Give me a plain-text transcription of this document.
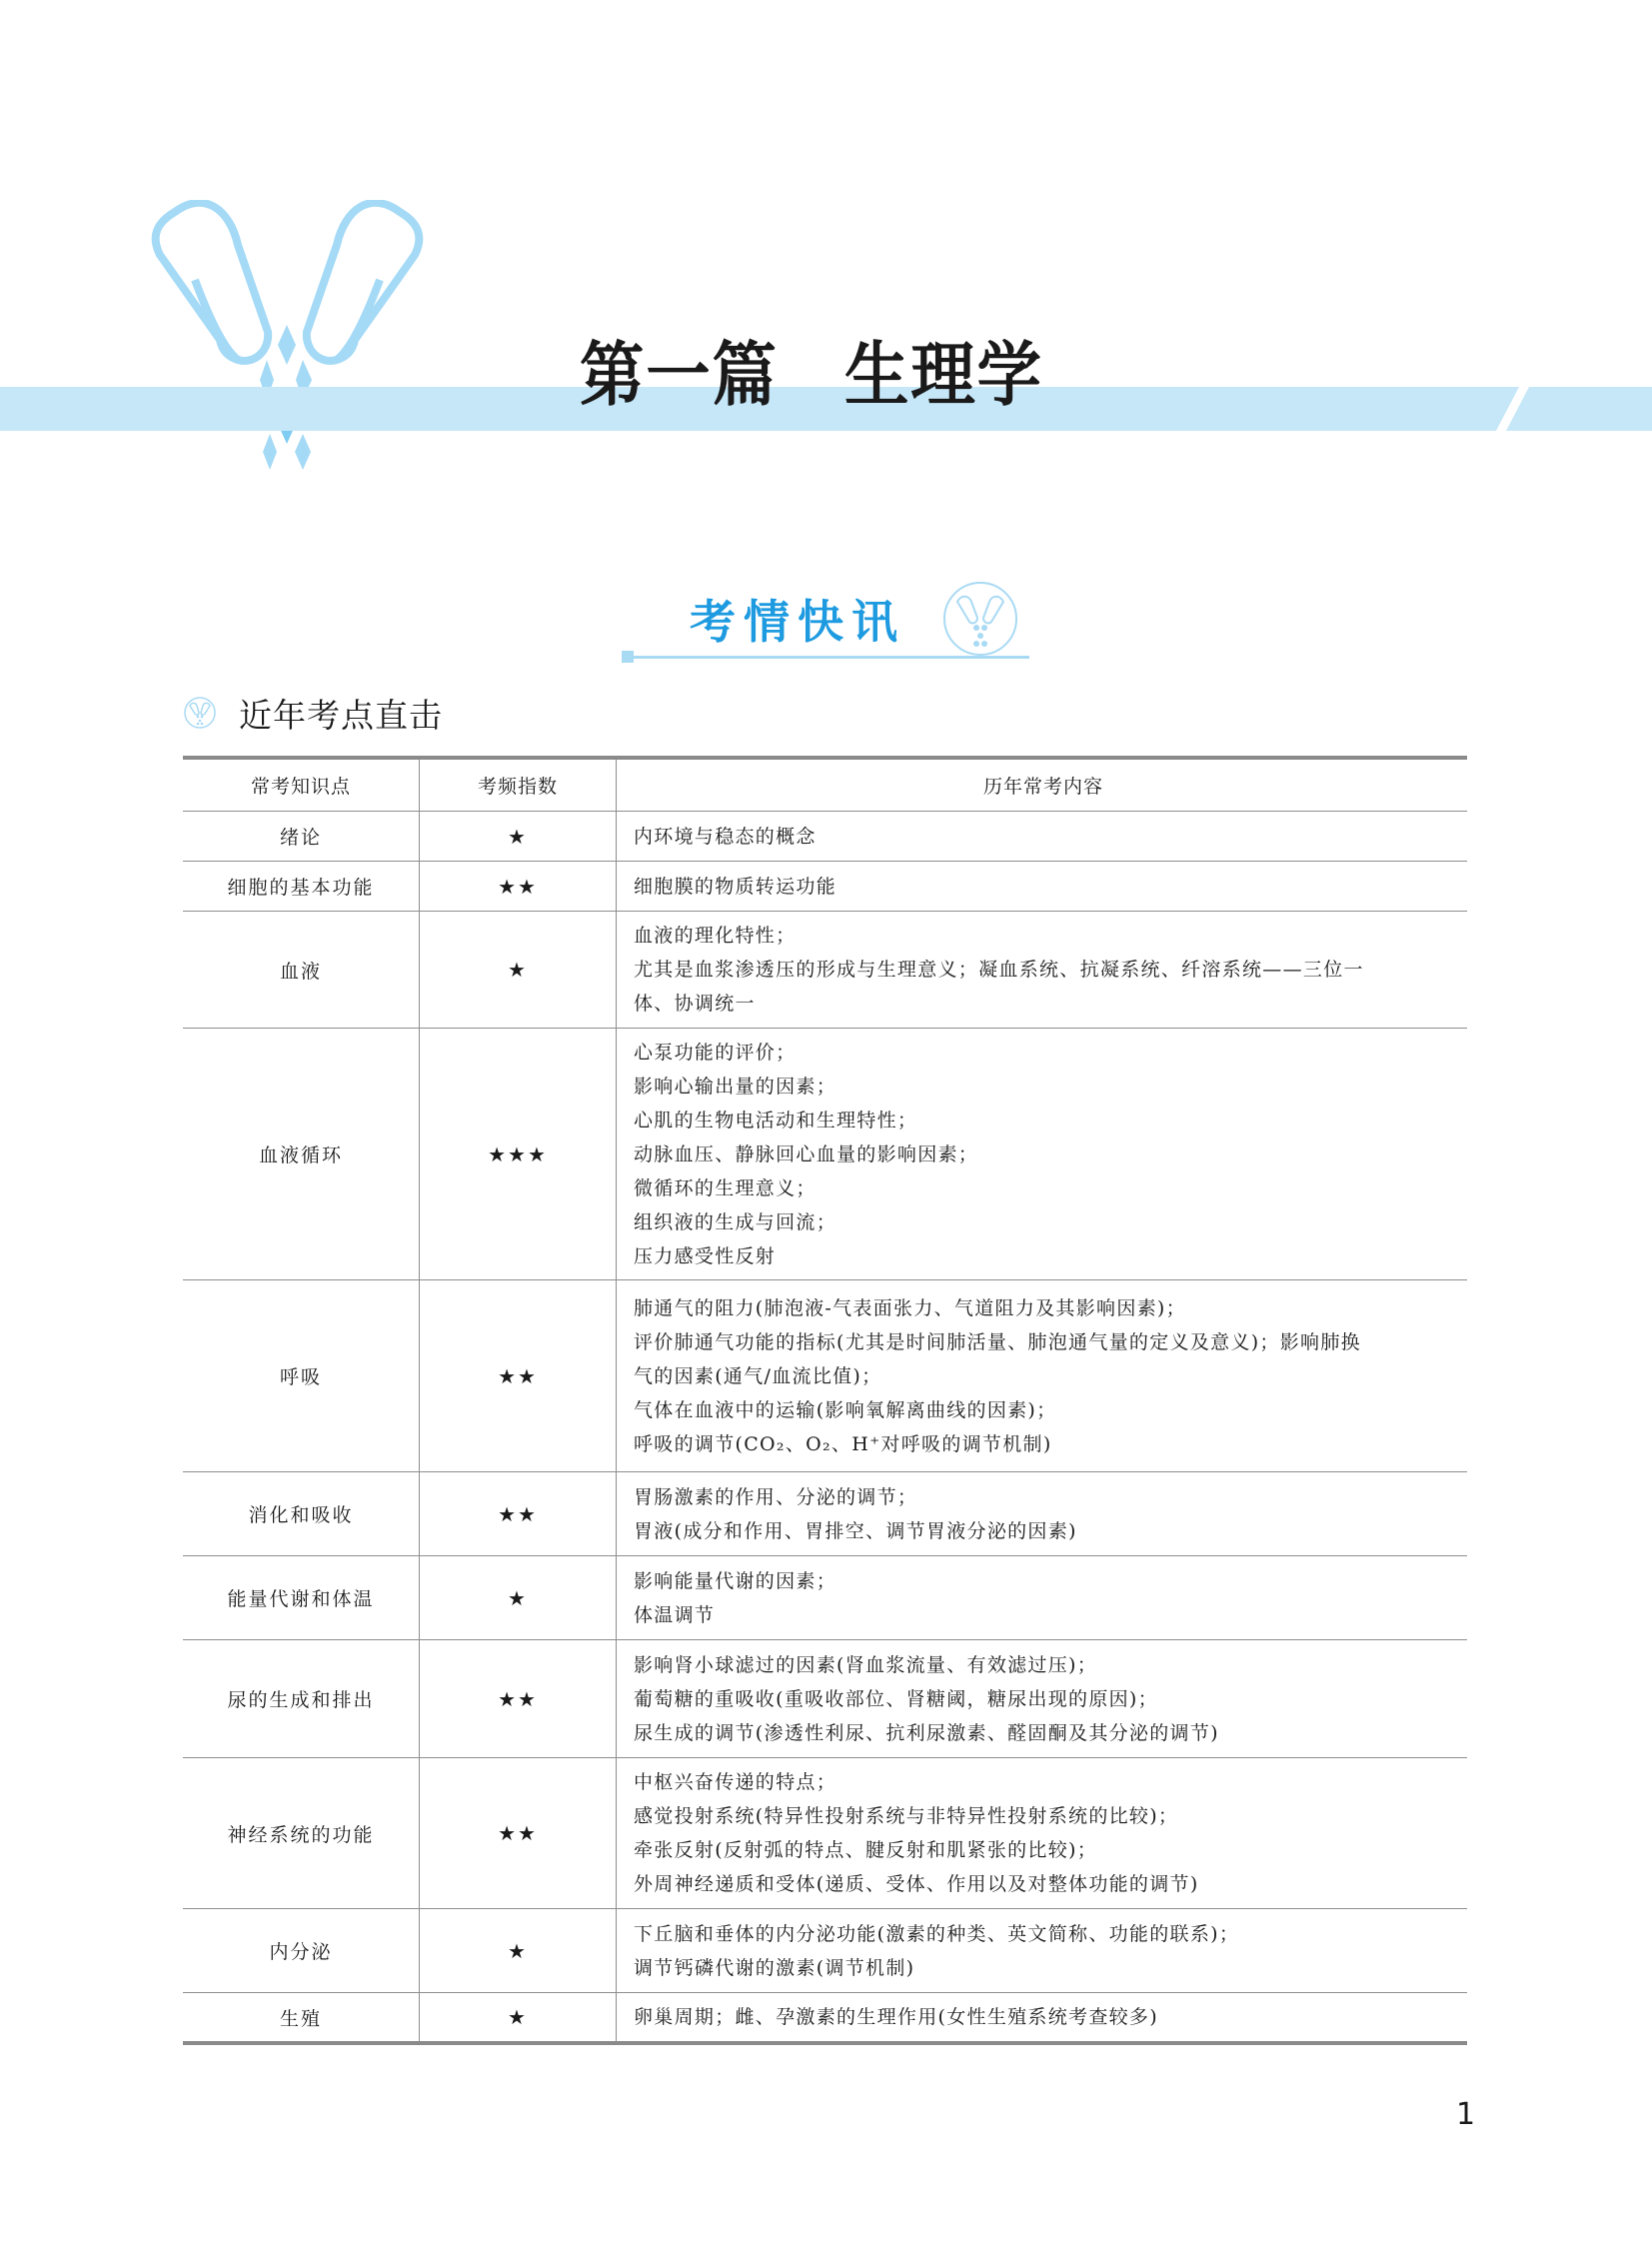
第一篇　生理学
考情快讯
近年考点直击
常考知识点	考频指数	历年常考内容
绪论	★	内环境与稳态的概念
细胞的基本功能	★★	细胞膜的物质转运功能
血液	★
血液的理化特性；
尤其是血浆渗透压的形成与生理意义；凝血系统、抗凝系统、纤溶系统——三位一
体、协调统一
血液循环	★★★
心泵功能的评价；
影响心输出量的因素；
心肌的生物电活动和生理特性；
动脉血压、静脉回心血量的影响因素；
微循环的生理意义；
组织液的生成与回流；
压力感受性反射
呼吸	★★
肺通气的阻力(肺泡液-气表面张力、气道阻力及其影响因素)；
评价肺通气功能的指标(尤其是时间肺活量、肺泡通气量的定义及意义)；影响肺换
气的因素(通气/血流比值)；
气体在血液中的运输(影响氧解离曲线的因素)；
呼吸的调节(CO₂、O₂、H⁺对呼吸的调节机制)
消化和吸收	★★
胃肠激素的作用、分泌的调节；
胃液(成分和作用、胃排空、调节胃液分泌的因素)
能量代谢和体温	★
影响能量代谢的因素；
体温调节
尿的生成和排出	★★
影响肾小球滤过的因素(肾血浆流量、有效滤过压)；
葡萄糖的重吸收(重吸收部位、肾糖阈，糖尿出现的原因)；
尿生成的调节(渗透性利尿、抗利尿激素、醛固酮及其分泌的调节)
神经系统的功能	★★
中枢兴奋传递的特点；
感觉投射系统(特异性投射系统与非特异性投射系统的比较)；
牵张反射(反射弧的特点、腱反射和肌紧张的比较)；
外周神经递质和受体(递质、受体、作用以及对整体功能的调节)
内分泌	★
下丘脑和垂体的内分泌功能(激素的种类、英文简称、功能的联系)；
调节钙磷代谢的激素(调节机制)
生殖	★	卵巢周期；雌、孕激素的生理作用(女性生殖系统考查较多)
1
